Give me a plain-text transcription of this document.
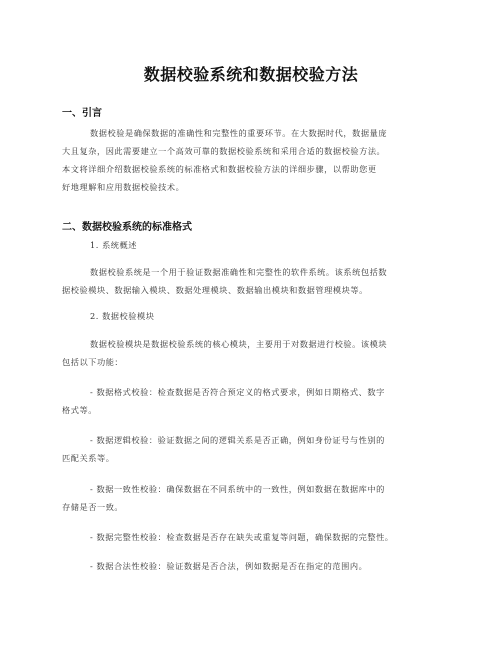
数据校验系统和数据校验方法
一、引言
数据校验是确保数据的准确性和完整性的重要环节。在大数据时代，数据量庞
大且复杂，因此需要建立一个高效可靠的数据校验系统和采用合适的数据校验方法。
本文将详细介绍数据校验系统的标准格式和数据校验方法的详细步骤，以帮助您更
好地理解和应用数据校验技术。
二、数据校验系统的标准格式
1. 系统概述
数据校验系统是一个用于验证数据准确性和完整性的软件系统。该系统包括数
据校验模块、数据输入模块、数据处理模块、数据输出模块和数据管理模块等。
2. 数据校验模块
数据校验模块是数据校验系统的核心模块，主要用于对数据进行校验。该模块
包括以下功能：
- 数据格式校验：检查数据是否符合预定义的格式要求，例如日期格式、数字
格式等。
- 数据逻辑校验：验证数据之间的逻辑关系是否正确，例如身份证号与性别的
匹配关系等。
- 数据一致性校验：确保数据在不同系统中的一致性，例如数据在数据库中的
存储是否一致。
- 数据完整性校验：检查数据是否存在缺失或重复等问题，确保数据的完整性。
- 数据合法性校验：验证数据是否合法，例如数据是否在指定的范围内。
